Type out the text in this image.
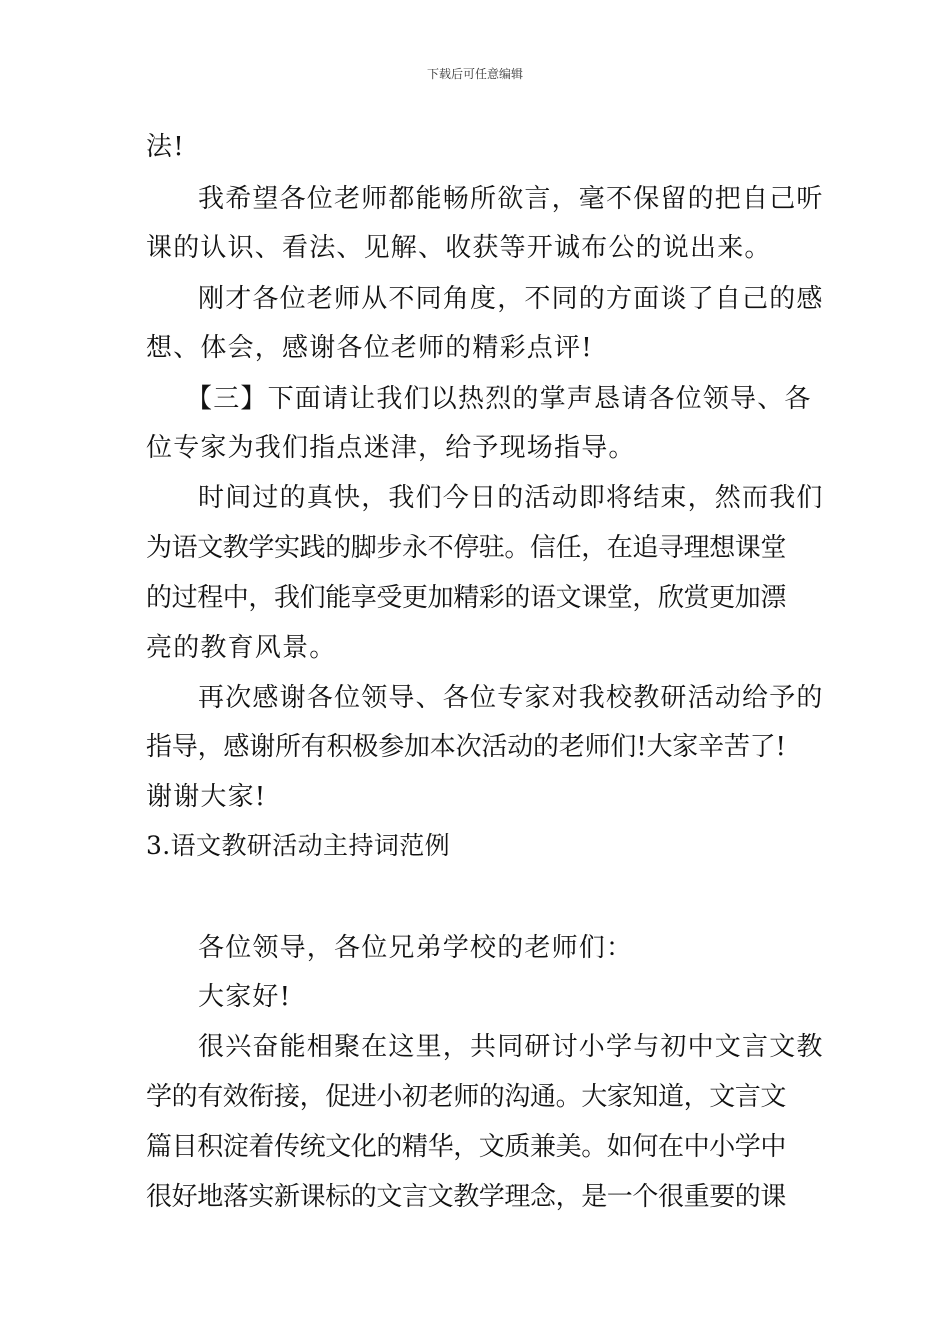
下载后可任意编辑
法!
我希望各位老师都能畅所欲言，毫不保留的把自己听
课的认识、看法、见解、收获等开诚布公的说出来。
刚才各位老师从不同角度，不同的方面谈了自己的感
想、体会，感谢各位老师的精彩点评!
【三】下面请让我们以热烈的掌声恳请各位领导、各
位专家为我们指点迷津，给予现场指导。
时间过的真快，我们今日的活动即将结束，然而我们
为语文教学实践的脚步永不停驻。信任，在追寻理想课堂
的过程中，我们能享受更加精彩的语文课堂，欣赏更加漂
亮的教育风景。
再次感谢各位领导、各位专家对我校教研活动给予的
指导，感谢所有积极参加本次活动的老师们!大家辛苦了!
谢谢大家!
3.语文教研活动主持词范例
各位领导，各位兄弟学校的老师们：
大家好!
很兴奋能相聚在这里，共同研讨小学与初中文言文教
学的有效衔接，促进小初老师的沟通。大家知道，文言文
篇目积淀着传统文化的精华，文质兼美。如何在中小学中
很好地落实新课标的文言文教学理念，是一个很重要的课
